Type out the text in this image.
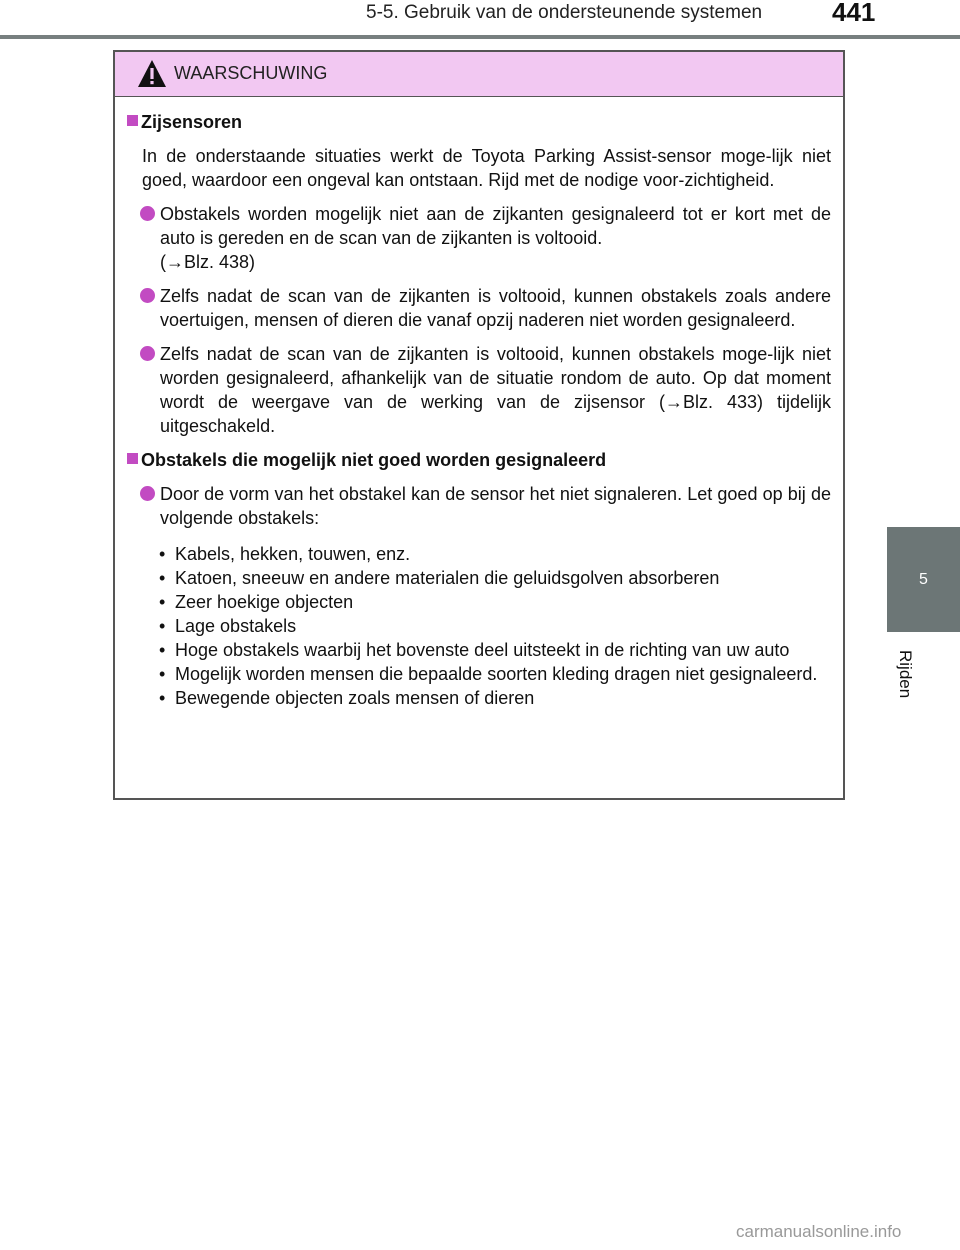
5-5. Gebruik van de ondersteunende systemen	441
5
Rijden
WAARSCHUWING
Zijsensoren
In de onderstaande situaties werkt de Toyota Parking Assist-sensor moge-lijk niet goed, waardoor een ongeval kan ontstaan. Rijd met de nodige voor-zichtigheid.
Obstakels worden mogelijk niet aan de zijkanten gesignaleerd tot er kort met de auto is gereden en de scan van de zijkanten is voltooid.
(→Blz. 438)
Zelfs nadat de scan van de zijkanten is voltooid, kunnen obstakels zoals andere voertuigen, mensen of dieren die vanaf opzij naderen niet worden gesignaleerd.
Zelfs nadat de scan van de zijkanten is voltooid, kunnen obstakels moge-lijk niet worden gesignaleerd, afhankelijk van de situatie rondom de auto. Op dat moment wordt de weergave van de werking van de zijsensor (→Blz. 433) tijdelijk uitgeschakeld.
Obstakels die mogelijk niet goed worden gesignaleerd
Door de vorm van het obstakel kan de sensor het niet signaleren. Let goed op bij de volgende obstakels:
• Kabels, hekken, touwen, enz.
• Katoen, sneeuw en andere materialen die geluidsgolven absorberen
• Zeer hoekige objecten
• Lage obstakels
• Hoge obstakels waarbij het bovenste deel uitsteekt in de richting van uw auto
• Mogelijk worden mensen die bepaalde soorten kleding dragen niet gesignaleerd.
• Bewegende objecten zoals mensen of dieren
carmanualsonline.info
